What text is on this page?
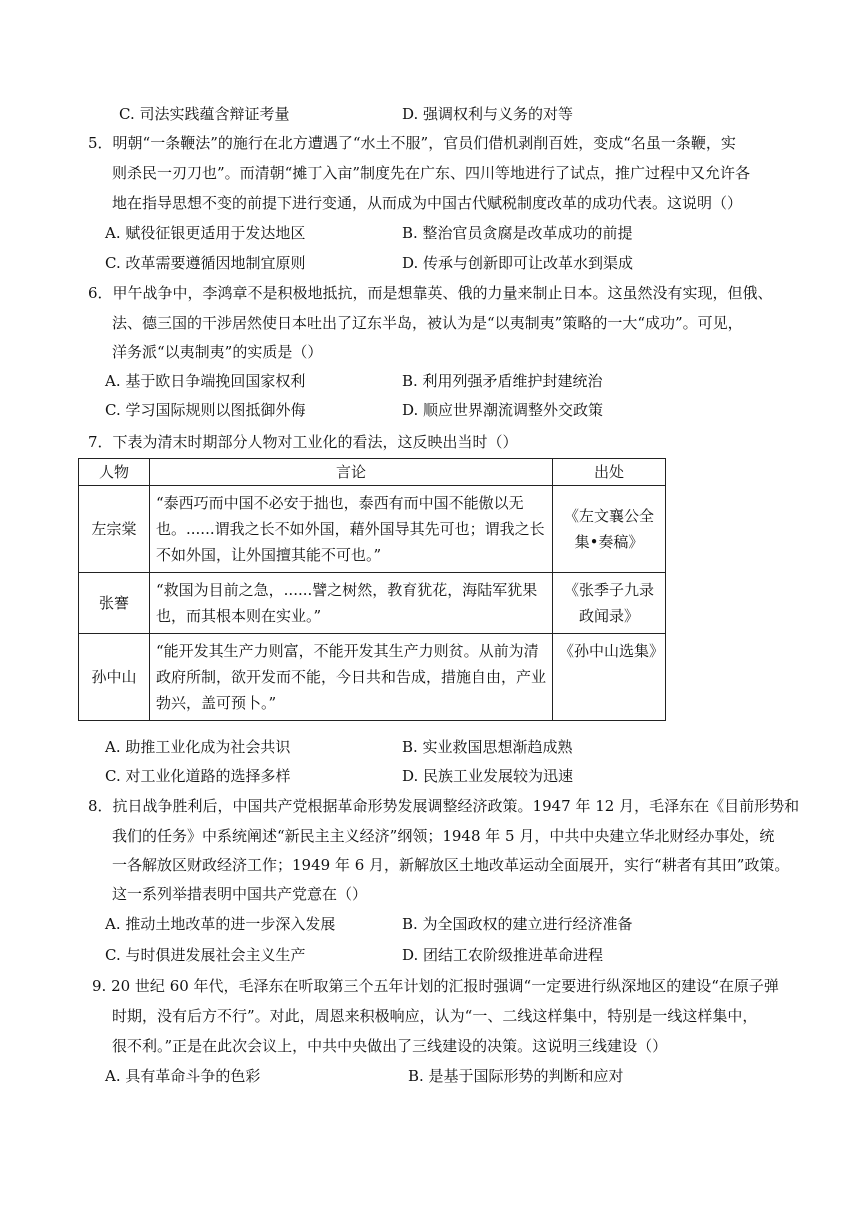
C. 司法实践蕴含辩证考量	D. 强调权利与义务的对等
5．明朝“一条鞭法”的施行在北方遭遇了“水土不服”，官员们借机剥削百姓，变成“名虽一条鞭，实
则杀民一刃刀也”。而清朝“摊丁入亩”制度先在广东、四川等地进行了试点，推广过程中又允许各
地在指导思想不变的前提下进行变通，从而成为中国古代赋税制度改革的成功代表。这说明（）
A. 赋役征银更适用于发达地区	B. 整治官员贪腐是改革成功的前提
C. 改革需要遵循因地制宜原则	D. 传承与创新即可让改革水到渠成
6．甲午战争中，李鸿章不是积极地抵抗，而是想靠英、俄的力量来制止日本。这虽然没有实现，但俄、
法、德三国的干涉居然使日本吐出了辽东半岛，被认为是“以夷制夷”策略的一大“成功”。可见，
洋务派“以夷制夷”的实质是（）
A. 基于欧日争端挽回国家权利	B. 利用列强矛盾维护封建统治
C. 学习国际规则以图抵御外侮	D. 顺应世界潮流调整外交政策
7．下表为清末时期部分人物对工业化的看法，这反映出当时（）
人物	言论	出处
左宗棠	“泰西巧而中国不必安于拙也，泰西有而中国不能傲以无也。......谓我之长不如外国，藉外国导其先可也；谓我之长不如外国，让外国擅其能不可也。”	《左文襄公全集•奏稿》
张謇	“救国为目前之急，......譬之树然，教育犹花，海陆军犹果也，而其根本则在实业。”	《张季子九录政闻录》
孙中山	“能开发其生产力则富，不能开发其生产力则贫。从前为清政府所制，欲开发而不能，今日共和告成，措施自由，产业勃兴，盖可预卜。”	《孙中山选集》
A. 助推工业化成为社会共识	B. 实业救国思想渐趋成熟
C. 对工业化道路的选择多样	D. 民族工业发展较为迅速
8．抗日战争胜利后，中国共产党根据革命形势发展调整经济政策。1947 年 12 月，毛泽东在《目前形势和
我们的任务》中系统阐述“新民主主义经济”纲领；1948 年 5 月，中共中央建立华北财经办事处，统
一各解放区财政经济工作；1949 年 6 月，新解放区土地改革运动全面展开，实行“耕者有其田”政策。
这一系列举措表明中国共产党意在（）
A. 推动土地改革的进一步深入发展	B. 为全国政权的建立进行经济准备
C. 与时俱进发展社会主义生产	D. 团结工农阶级推进革命进程
9. 20 世纪 60 年代，毛泽东在听取第三个五年计划的汇报时强调“一定要进行纵深地区的建设“在原子弹
时期，没有后方不行”。对此，周恩来积极响应，认为“一、二线这样集中，特别是一线这样集中，
很不利。”正是在此次会议上，中共中央做出了三线建设的决策。这说明三线建设（）
A. 具有革命斗争的色彩	B. 是基于国际形势的判断和应对
